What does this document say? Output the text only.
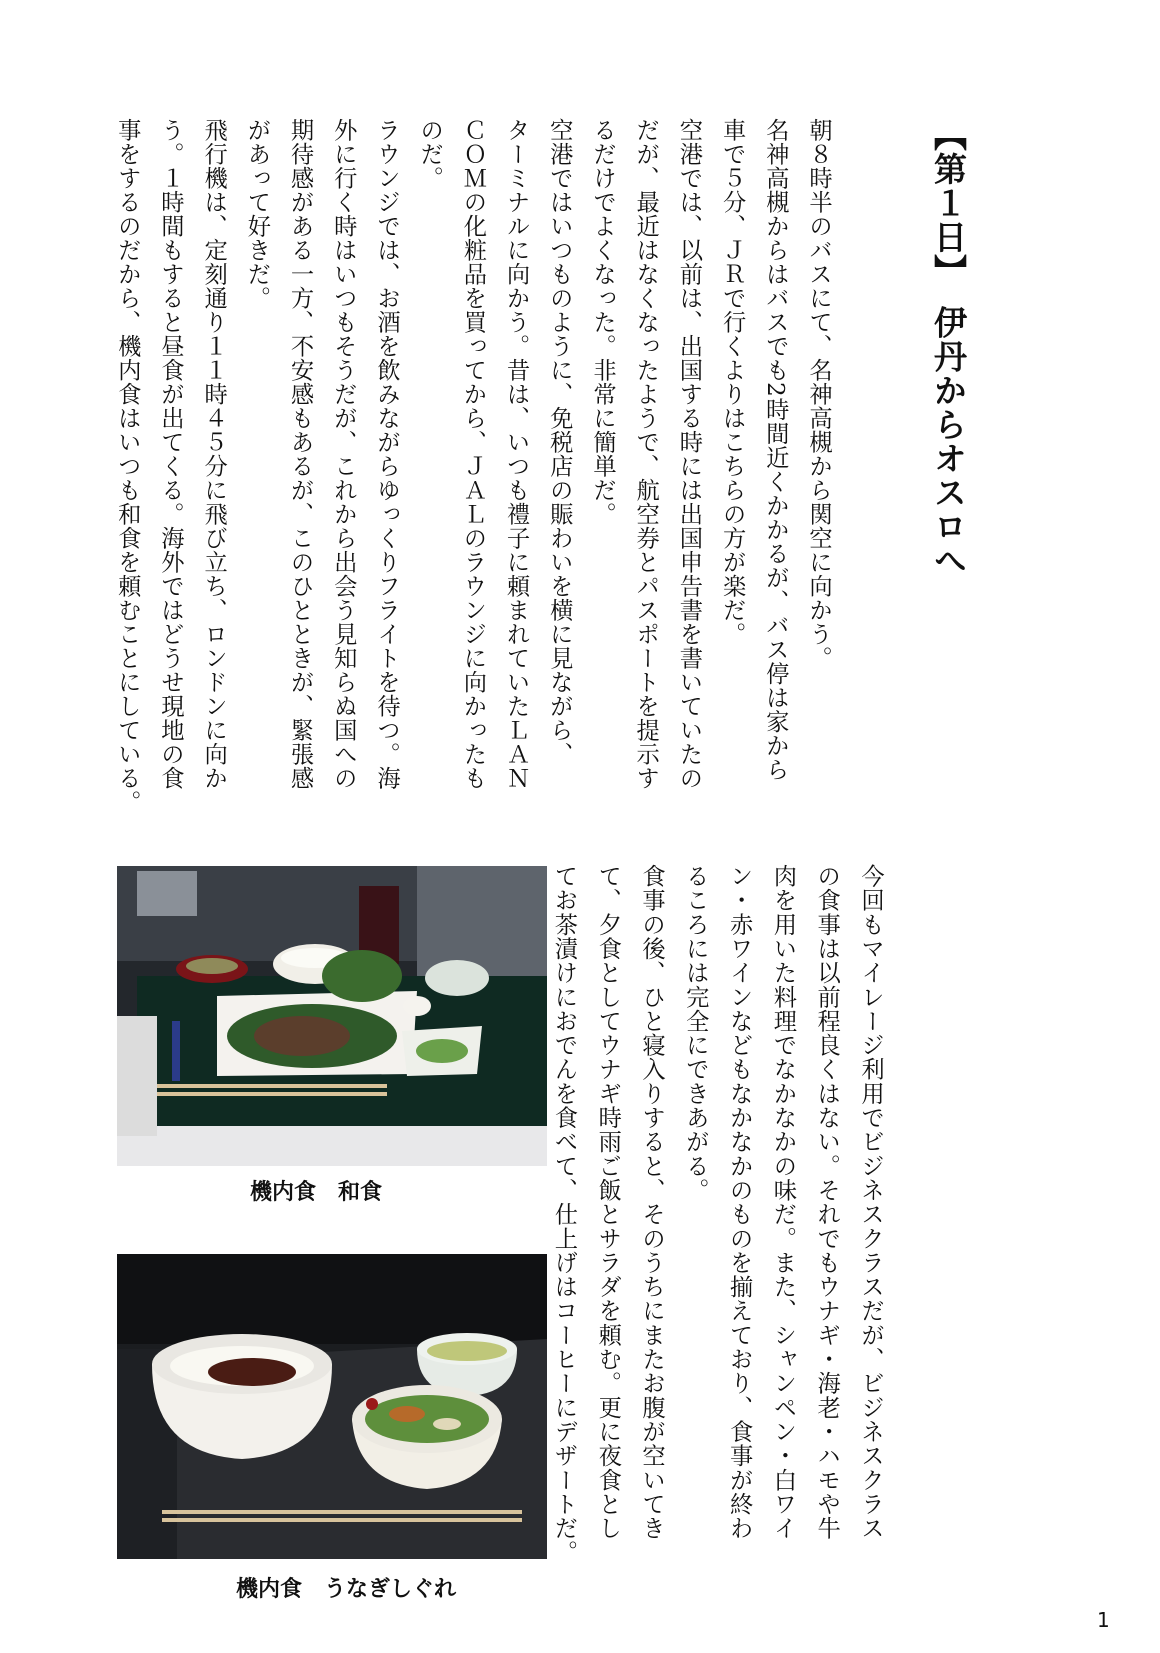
【第１日】　伊丹からオスロへ
朝８時半のバスにて、名神高槻から関空に向かう。
名神高槻からはバスでも2時間近くかかるが、バス停は家から
車で５分、ＪＲで行くよりはこちらの方が楽だ。
空港では、以前は、出国する時には出国申告書を書いていたの
だが、最近はなくなったようで、航空券とパスポートを提示す
るだけでよくなった。非常に簡単だ。
空港ではいつものように、免税店の賑わいを横に見ながら、
ターミナルに向かう。昔は、いつも禮子に頼まれていたＬＡＮ
ＣＯＭの化粧品を買ってから、ＪＡＬのラウンジに向かったも
のだ。
ラウンジでは、お酒を飲みながらゆっくりフライトを待つ。海
外に行く時はいつもそうだが、これから出会う見知らぬ国への
期待感がある一方、不安感もあるが、このひとときが、緊張感
があって好きだ。
飛行機は、定刻通り１１時４５分に飛び立ち、ロンドンに向か
う。１時間もすると昼食が出てくる。海外ではどうせ現地の食
事をするのだから、機内食はいつも和食を頼むことにしている。
今回もマイレージ利用でビジネスクラスだが、ビジネスクラス
の食事は以前程良くはない。それでもウナギ・海老・ハモや牛
肉を用いた料理でなかなかの味だ。また、シャンペン・白ワイ
ン・赤ワインなどもなかなかのものを揃えており、食事が終わ
るころには完全にできあがる。
食事の後、ひと寝入りすると、そのうちにまたお腹が空いてき
て、夕食としてウナギ時雨ご飯とサラダを頼む。更に夜食とし
てお茶漬けにおでんを食べて、仕上げはコーヒーにデザートだ。
機内食　和食
機内食　うなぎしぐれ
1
